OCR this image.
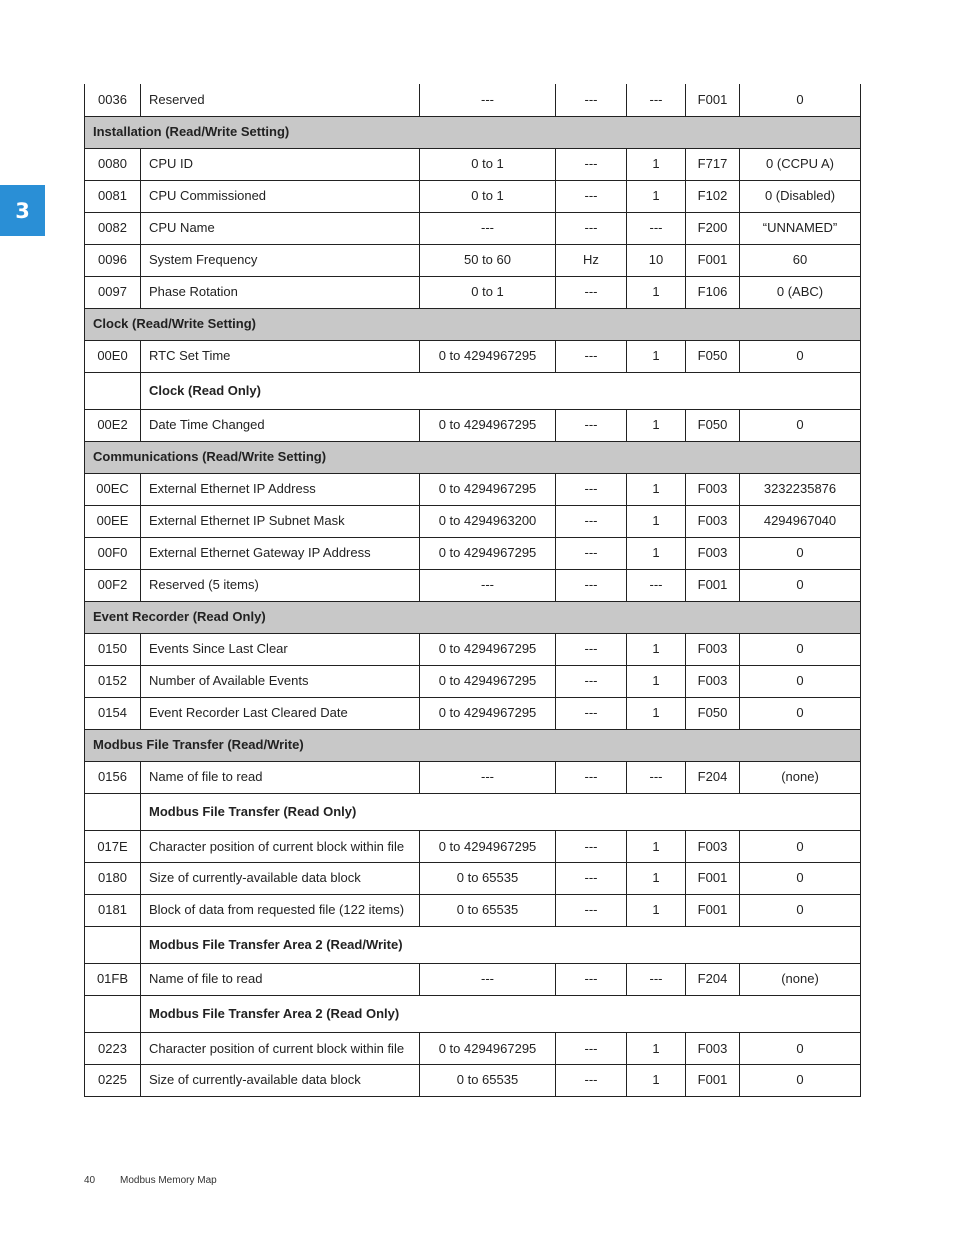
3
0036	Reserved	---	---	---	F001	0
Installation (Read/Write Setting)						
0080	CPU ID	0 to 1	---	1	F717	0 (CCPU A)
0081	CPU Commissioned	0 to 1	---	1	F102	0 (Disabled)
0082	CPU Name	---	---	---	F200	“UNNAMED”
0096	System Frequency	50 to 60	Hz	10	F001	60
0097	Phase Rotation	0 to 1	---	1	F106	0 (ABC)
Clock (Read/Write Setting)						
00E0	RTC Set Time	0 to 4294967295	---	1	F050	0
	Clock (Read Only)					
00E2	Date Time Changed	0 to 4294967295	---	1	F050	0
Communications (Read/Write Setting)						
00EC	External Ethernet IP Address	0 to 4294967295	---	1	F003	3232235876
00EE	External Ethernet IP Subnet Mask	0 to 4294963200	---	1	F003	4294967040
00F0	External Ethernet Gateway IP Address	0 to 4294967295	---	1	F003	0
00F2	Reserved (5 items)	---	---	---	F001	0
Event Recorder (Read Only)						
0150	Events Since Last Clear	0 to 4294967295	---	1	F003	0
0152	Number of Available Events	0 to 4294967295	---	1	F003	0
0154	Event Recorder Last Cleared Date	0 to 4294967295	---	1	F050	0
Modbus File Transfer (Read/Write)						
0156	Name of file to read	---	---	---	F204	(none)
	Modbus File Transfer (Read Only)					
017E	Character position of current block within file	0 to 4294967295	---	1	F003	0
0180	Size of currently-available data block	0 to 65535	---	1	F001	0
0181	Block of data from requested file (122 items)	0 to 65535	---	1	F001	0
	Modbus File Transfer Area 2 (Read/Write)					
01FB	Name of file to read	---	---	---	F204	(none)
	Modbus File Transfer Area 2 (Read Only)					
0223	Character position of current block within file	0 to 4294967295	---	1	F003	0
0225	Size of currently-available data block	0 to 65535	---	1	F001	0
40 Modbus Memory Map
